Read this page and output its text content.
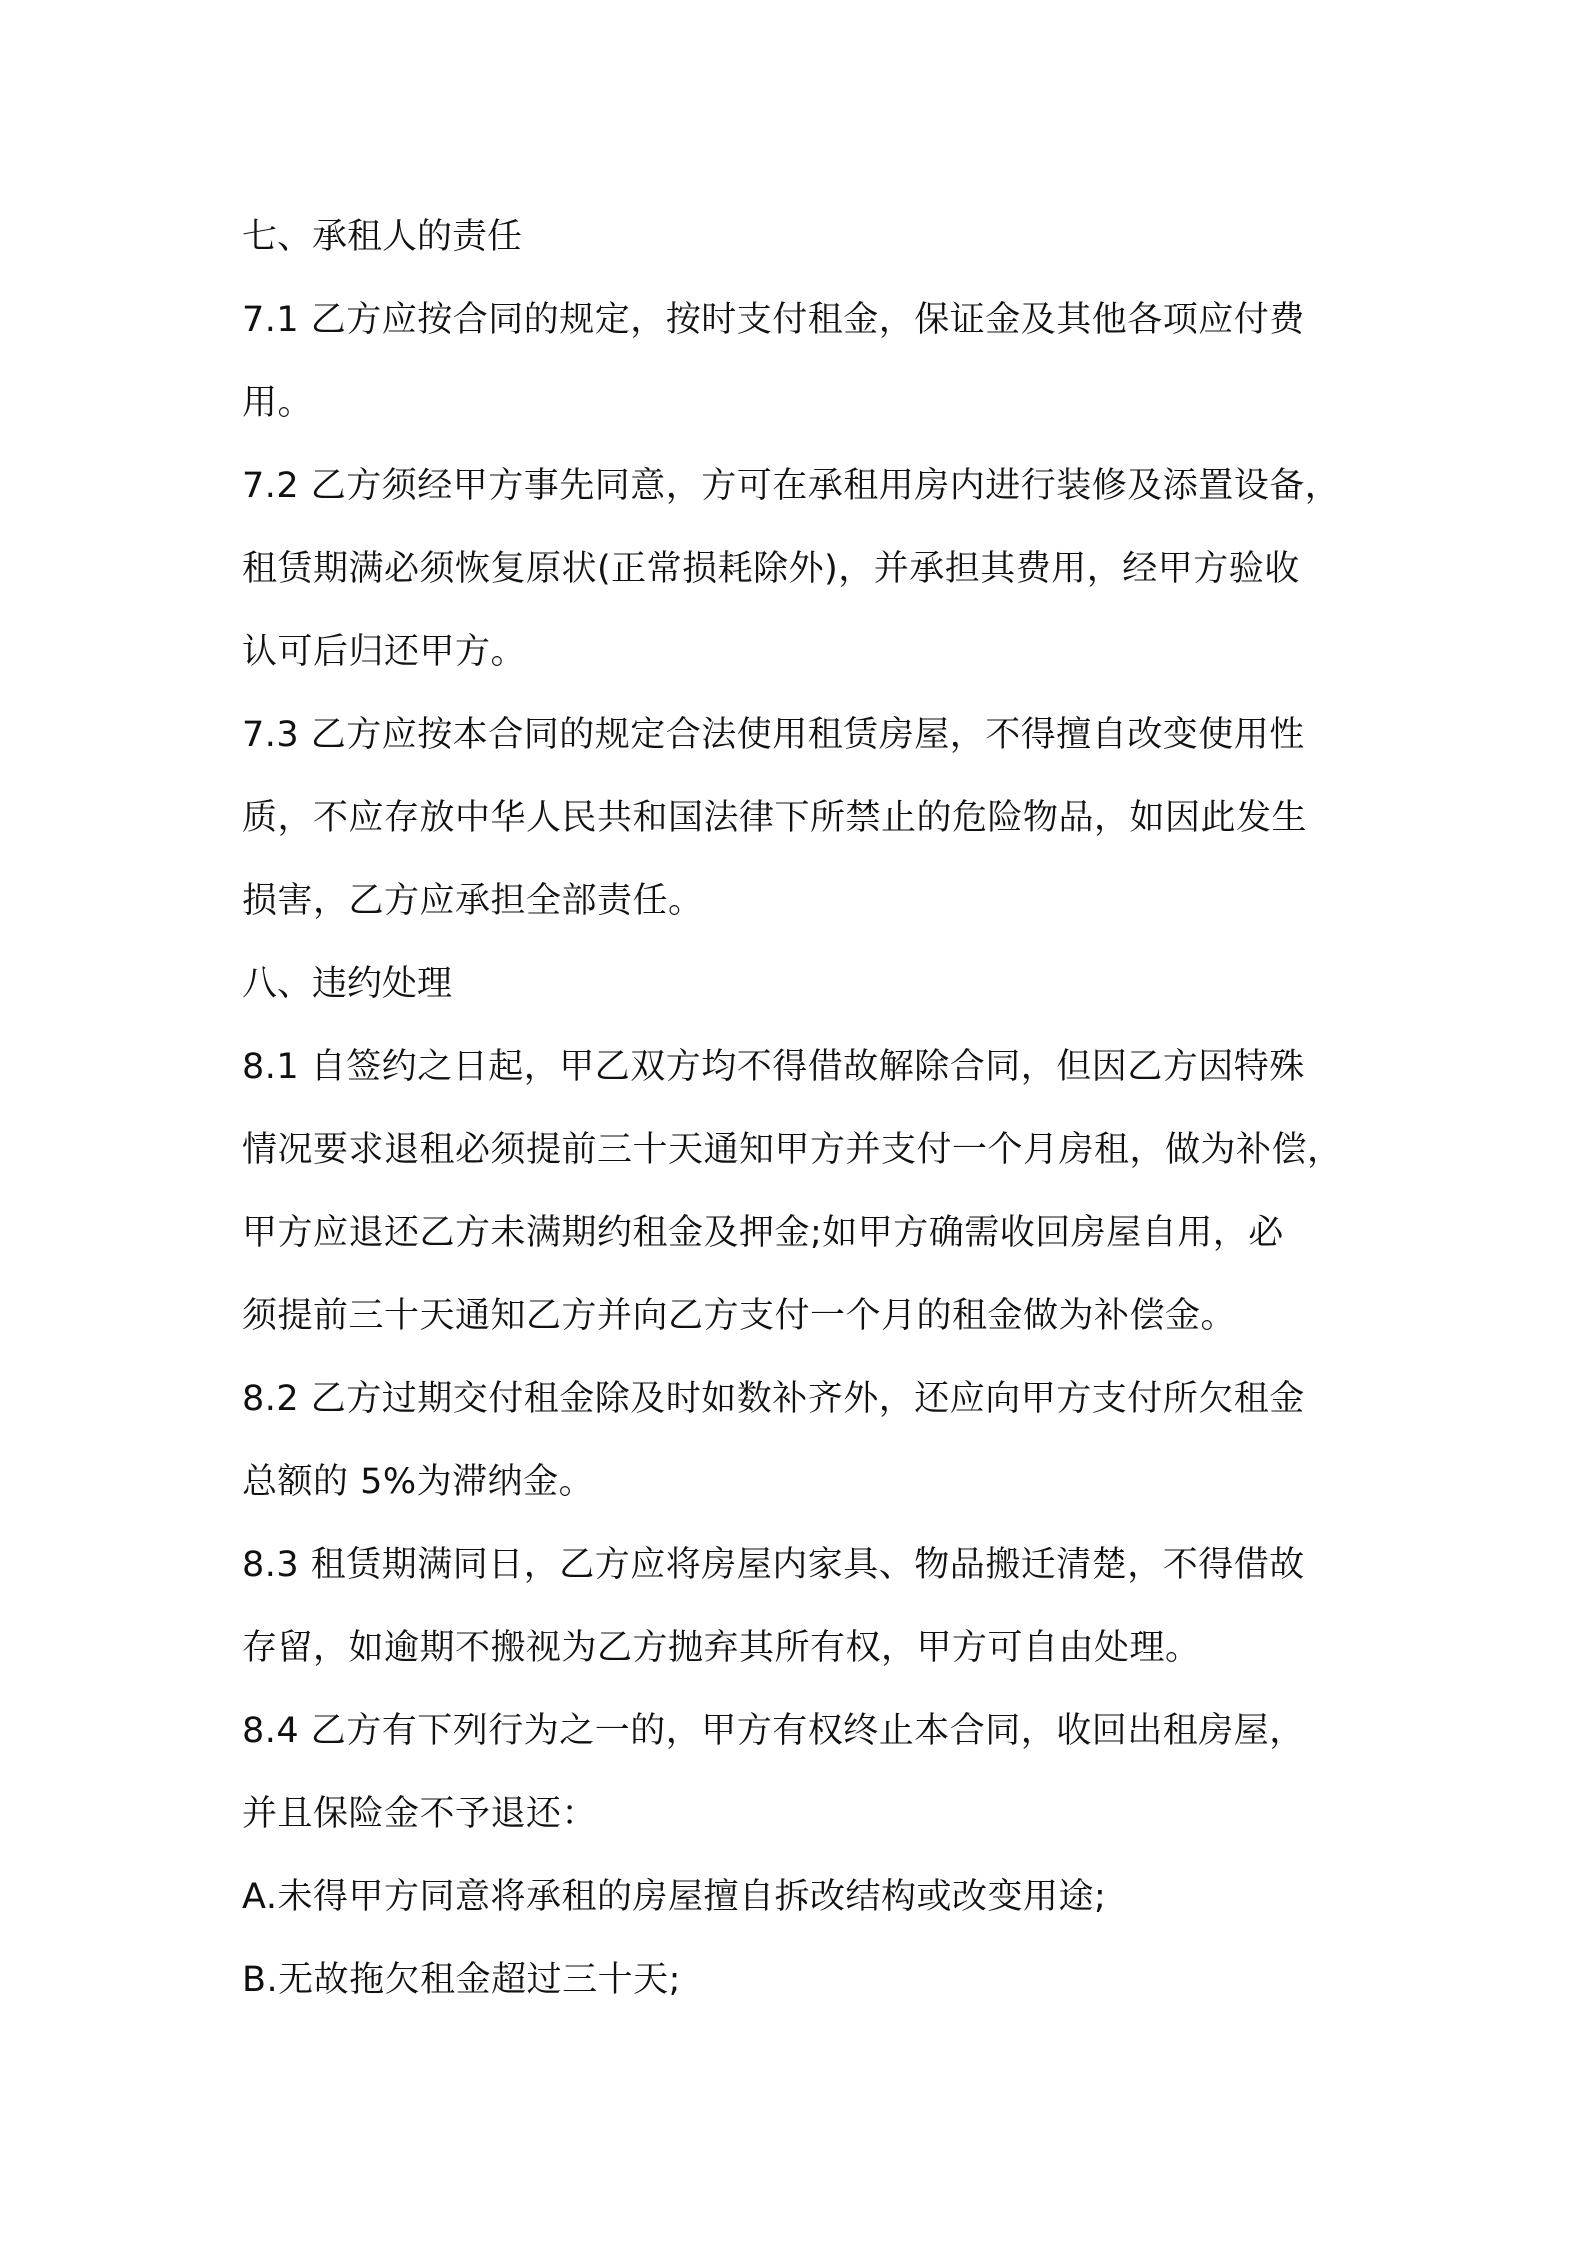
七、承租人的责任

7.1 乙方应按合同的规定，按时支付租金，保证金及其他各项应付费
用。

7.2 乙方须经甲方事先同意，方可在承租用房内进行装修及添置设备，
租赁期满必须恢复原状(正常损耗除外)，并承担其费用，经甲方验收
认可后归还甲方。

7.3 乙方应按本合同的规定合法使用租赁房屋，不得擅自改变使用性
质，不应存放中华人民共和国法律下所禁止的危险物品，如因此发生
损害，乙方应承担全部责任。

八、违约处理

8.1 自签约之日起，甲乙双方均不得借故解除合同，但因乙方因特殊
情况要求退租必须提前三十天通知甲方并支付一个月房租，做为补偿，
甲方应退还乙方未满期约租金及押金;如甲方确需收回房屋自用，必
须提前三十天通知乙方并向乙方支付一个月的租金做为补偿金。

8.2 乙方过期交付租金除及时如数补齐外，还应向甲方支付所欠租金
总额的 5%为滞纳金。

8.3 租赁期满同日，乙方应将房屋内家具、物品搬迁清楚，不得借故
存留，如逾期不搬视为乙方抛弃其所有权，甲方可自由处理。

8.4 乙方有下列行为之一的，甲方有权终止本合同，收回出租房屋，
并且保险金不予退还：

A.未得甲方同意将承租的房屋擅自拆改结构或改变用途;

B.无故拖欠租金超过三十天;
